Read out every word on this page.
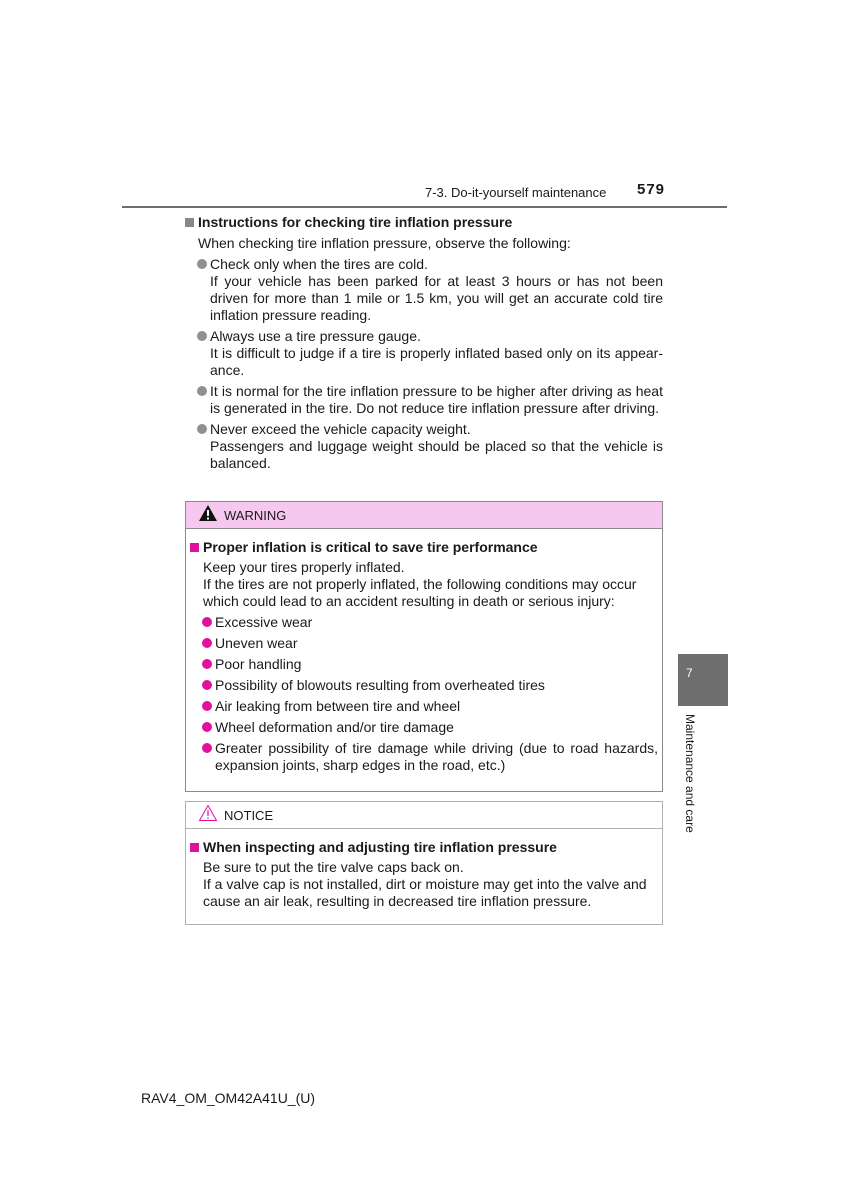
7-3. Do-it-yourself maintenance 579

Instructions for checking tire inflation pressure

When checking tire inflation pressure, observe the following:

Check only when the tires are cold.
If your vehicle has been parked for at least 3 hours or has not been driven for more than 1 mile or 1.5 km, you will get an accurate cold tire inflation pressure reading.
Always use a tire pressure gauge.
It is difficult to judge if a tire is properly inflated based only on its appear-ance.
It is normal for the tire inflation pressure to be higher after driving as heat is generated in the tire. Do not reduce tire inflation pressure after driving.
Never exceed the vehicle capacity weight.
Passengers and luggage weight should be placed so that the vehicle is balanced.
WARNING

Proper inflation is critical to save tire performance

Keep your tires properly inflated.
If the tires are not properly inflated, the following conditions may occur which could lead to an accident resulting in death or serious injury:

Excessive wear
Uneven wear
Poor handling
Possibility of blowouts resulting from overheated tires
Air leaking from between tire and wheel
Wheel deformation and/or tire damage
Greater possibility of tire damage while driving (due to road hazards, expansion joints, sharp edges in the road, etc.)
NOTICE

When inspecting and adjusting tire inflation pressure

Be sure to put the tire valve caps back on.
If a valve cap is not installed, dirt or moisture may get into the valve and cause an air leak, resulting in decreased tire inflation pressure.

7
Maintenance and care
RAV4_OM_OM42A41U_(U)
